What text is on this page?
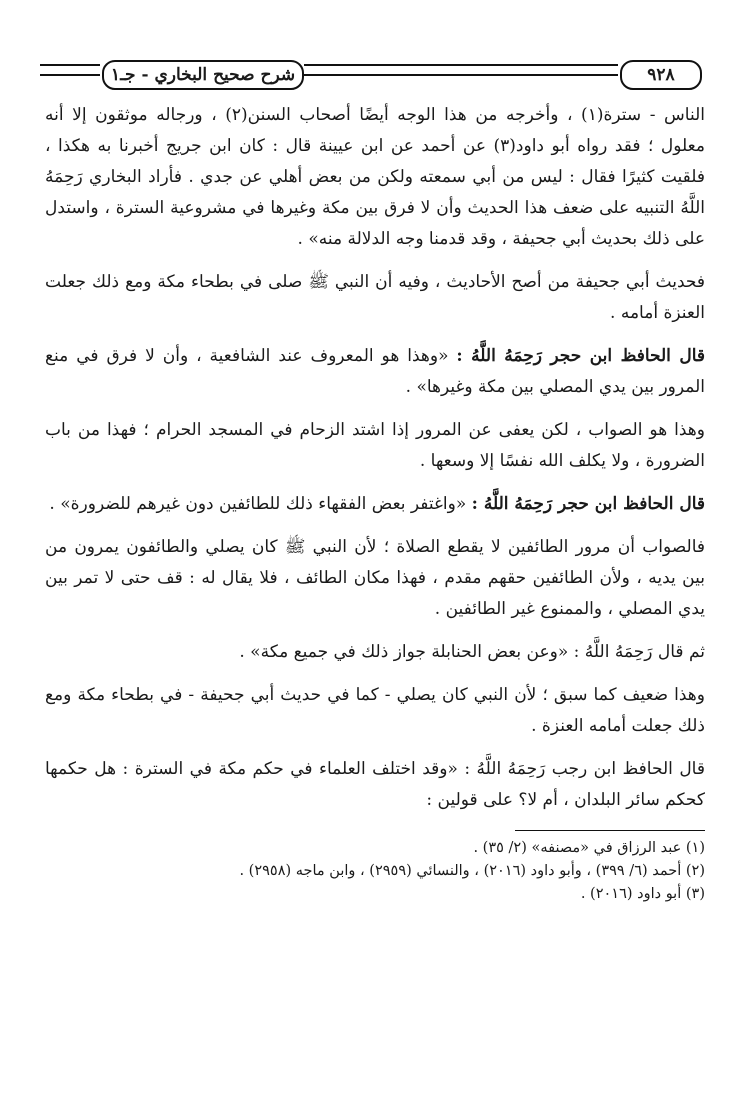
شرح صحيح البخاري - جـ١	٩٢٨

الناس - سترة(١) ، وأخرجه من هذا الوجه أيضًا أصحاب السنن(٢) ، ورجاله موثقون إلا أنه معلول ؛ فقد رواه أبو داود(٣) عن أحمد عن ابن عيينة قال : كان ابن جريج أخبرنا به هكذا ، فلقيت كثيرًا فقال : ليس من أبي سمعته ولكن من بعض أهلي عن جدي . فأراد البخاري رَحِمَهُ اللَّهُ التنبيه على ضعف هذا الحديث وأن لا فرق بين مكة وغيرها في مشروعية السترة ، واستدل على ذلك بحديث أبي جحيفة ، وقد قدمنا وجه الدلالة منه» .

فحديث أبي جحيفة من أصح الأحاديث ، وفيه أن النبي ﷺ صلى في بطحاء مكة ومع ذلك جعلت العنزة أمامه .

قال الحافظ ابن حجر رَحِمَهُ اللَّهُ : «وهذا هو المعروف عند الشافعية ، وأن لا فرق في منع المرور بين يدي المصلي بين مكة وغيرها» .

وهذا هو الصواب ، لكن يعفى عن المرور إذا اشتد الزحام في المسجد الحرام ؛ فهذا من باب الضرورة ، ولا يكلف الله نفسًا إلا وسعها .

قال الحافظ ابن حجر رَحِمَهُ اللَّهُ : «واغتفر بعض الفقهاء ذلك للطائفين دون غيرهم للضرورة» .

فالصواب أن مرور الطائفين لا يقطع الصلاة ؛ لأن النبي ﷺ كان يصلي والطائفون يمرون من بين يديه ، ولأن الطائفين حقهم مقدم ، فهذا مكان الطائف ، فلا يقال له : قف حتى لا تمر بين يدي المصلي ، والممنوع غير الطائفين .

ثم قال رَحِمَهُ اللَّهُ : «وعن بعض الحنابلة جواز ذلك في جميع مكة» .

وهذا ضعيف كما سبق ؛ لأن النبي كان يصلي - كما في حديث أبي جحيفة - في بطحاء مكة ومع ذلك جعلت أمامه العنزة .

قال الحافظ ابن رجب رَحِمَهُ اللَّهُ : «وقد اختلف العلماء في حكم مكة في السترة : هل حكمها كحكم سائر البلدان ، أم لا؟ على قولين :

(١) عبد الرزاق في «مصنفه» (٢/ ٣٥) .

(٢) أحمد (٦/ ٣٩٩) ، وأبو داود (٢٠١٦) ، والنسائي (٢٩٥٩) ، وابن ماجه (٢٩٥٨) .

(٣) أبو داود (٢٠١٦) .
